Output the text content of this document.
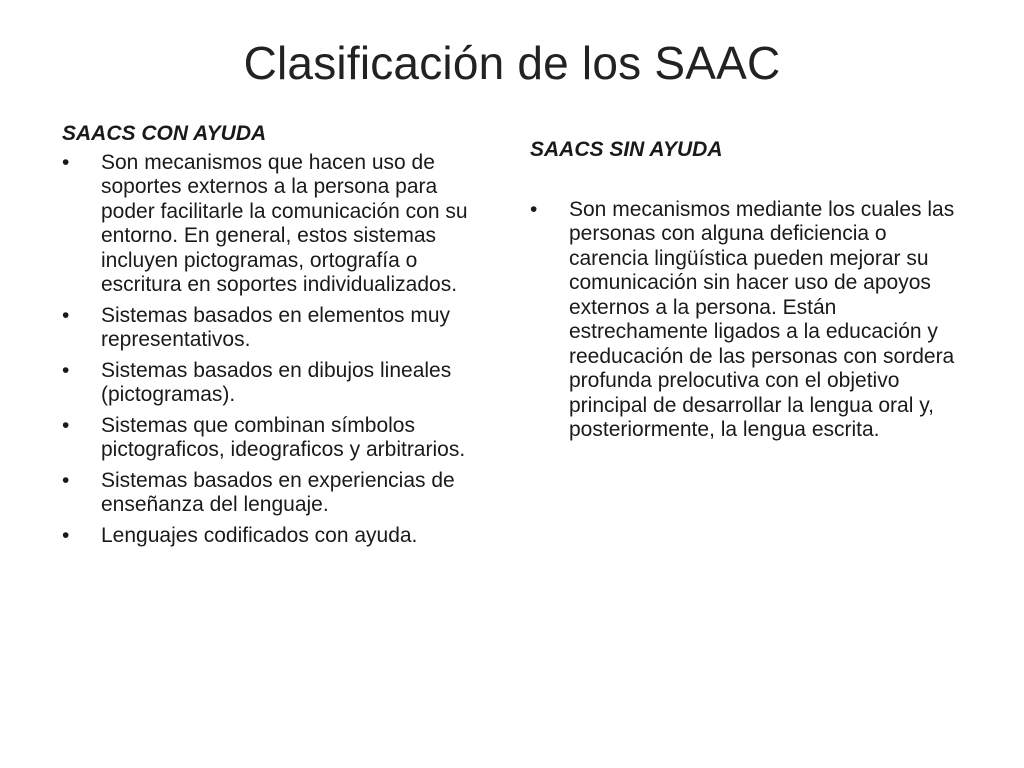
Clasificación de los SAAC

SAACS CON AYUDA

•	Son mecanismos que hacen uso de soportes externos a la persona para poder facilitarle la comunicación con su entorno. En general, estos sistemas incluyen pictogramas, ortografía o escritura en soportes individualizados.
•	Sistemas basados en elementos muy representativos.
•	Sistemas basados en dibujos lineales (pictogramas).
•	Sistemas que combinan símbolos pictograficos, ideograficos y arbitrarios.
•	Sistemas basados en experiencias de enseñanza del lenguaje.
•	Lenguajes codificados con ayuda.

SAACS SIN AYUDA

•	Son mecanismos mediante los cuales las personas con alguna deficiencia o carencia lingüística pueden mejorar su comunicación sin hacer uso de apoyos externos a la persona. Están estrechamente ligados a la educación y reeducación de las personas con sordera profunda prelocutiva con el objetivo principal de desarrollar la lengua oral y, posteriormente, la lengua escrita.
